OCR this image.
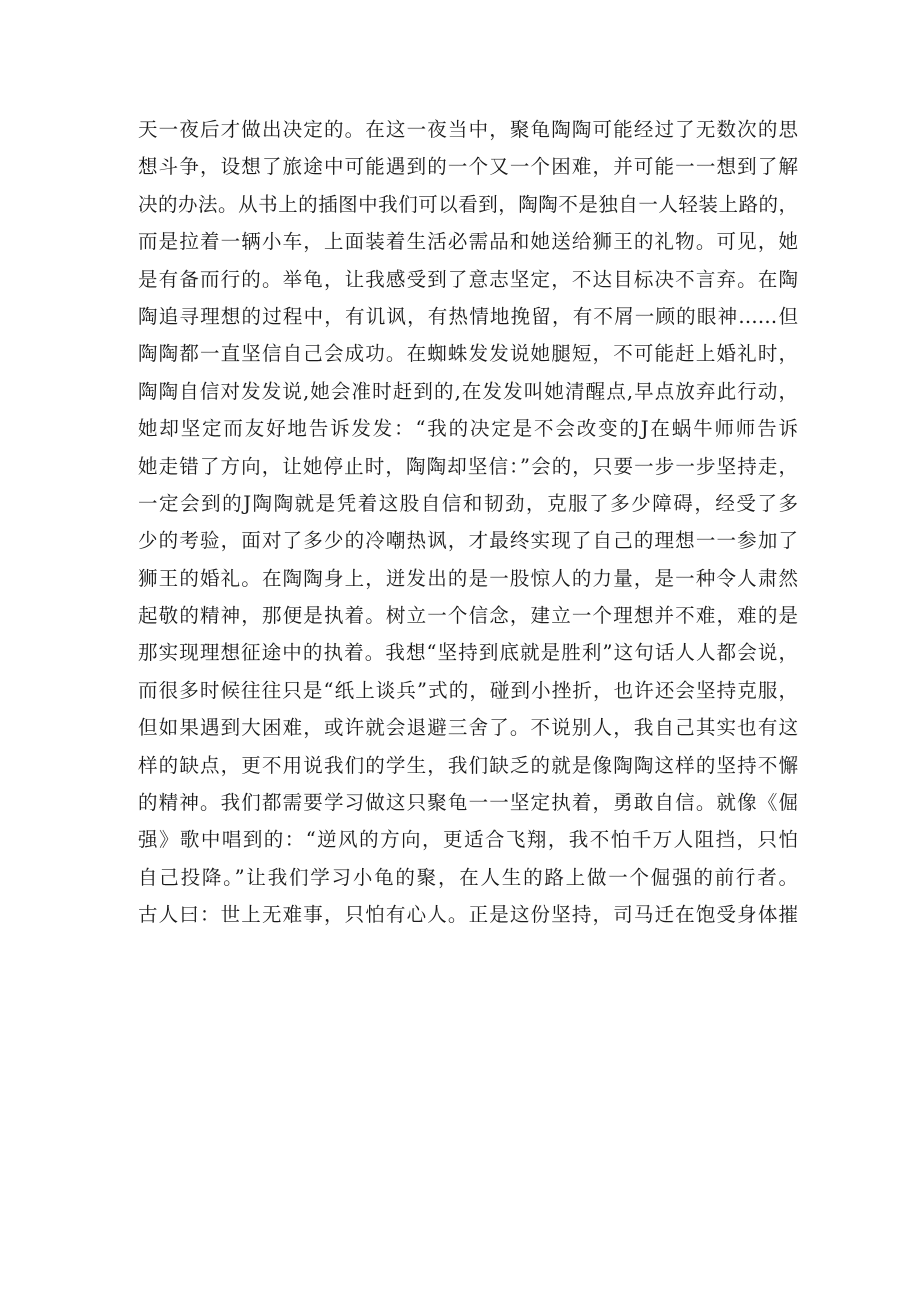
天一夜后才做出决定的。在这一夜当中，聚龟陶陶可能经过了无数次的思
想斗争，设想了旅途中可能遇到的一个又一个困难，并可能一一想到了解
决的办法。从书上的插图中我们可以看到，陶陶不是独自一人轻装上路的，
而是拉着一辆小车，上面装着生活必需品和她送给狮王的礼物。可见，她
是有备而行的。举龟，让我感受到了意志坚定，不达目标决不言弃。在陶
陶追寻理想的过程中，有讥讽，有热情地挽留，有不屑一顾的眼神……但
陶陶都一直坚信自己会成功。在蜘蛛发发说她腿短，不可能赶上婚礼时，
陶陶自信对发发说,她会准时赶到的,在发发叫她清醒点,早点放弃此行动，
她却坚定而友好地告诉发发：“我的决定是不会改变的J在蜗牛师师告诉
她走错了方向，让她停止时，陶陶却坚信：”会的，只要一步一步坚持走，
一定会到的J陶陶就是凭着这股自信和韧劲，克服了多少障碍，经受了多
少的考验，面对了多少的冷嘲热讽，才最终实现了自己的理想一一参加了
狮王的婚礼。在陶陶身上，迸发出的是一股惊人的力量，是一种令人肃然
起敬的精神，那便是执着。树立一个信念，建立一个理想并不难，难的是
那实现理想征途中的执着。我想“坚持到底就是胜利”这句话人人都会说，
而很多时候往往只是“纸上谈兵”式的，碰到小挫折，也许还会坚持克服，
但如果遇到大困难，或许就会退避三舍了。不说别人，我自己其实也有这
样的缺点，更不用说我们的学生，我们缺乏的就是像陶陶这样的坚持不懈
的精神。我们都需要学习做这只聚龟一一坚定执着，勇敢自信。就像《倔
强》歌中唱到的：“逆风的方向，更适合飞翔，我不怕千万人阻挡，只怕
自己投降。”让我们学习小龟的聚，在人生的路上做一个倔强的前行者。
古人曰：世上无难事，只怕有心人。正是这份坚持，司马迁在饱受身体摧
